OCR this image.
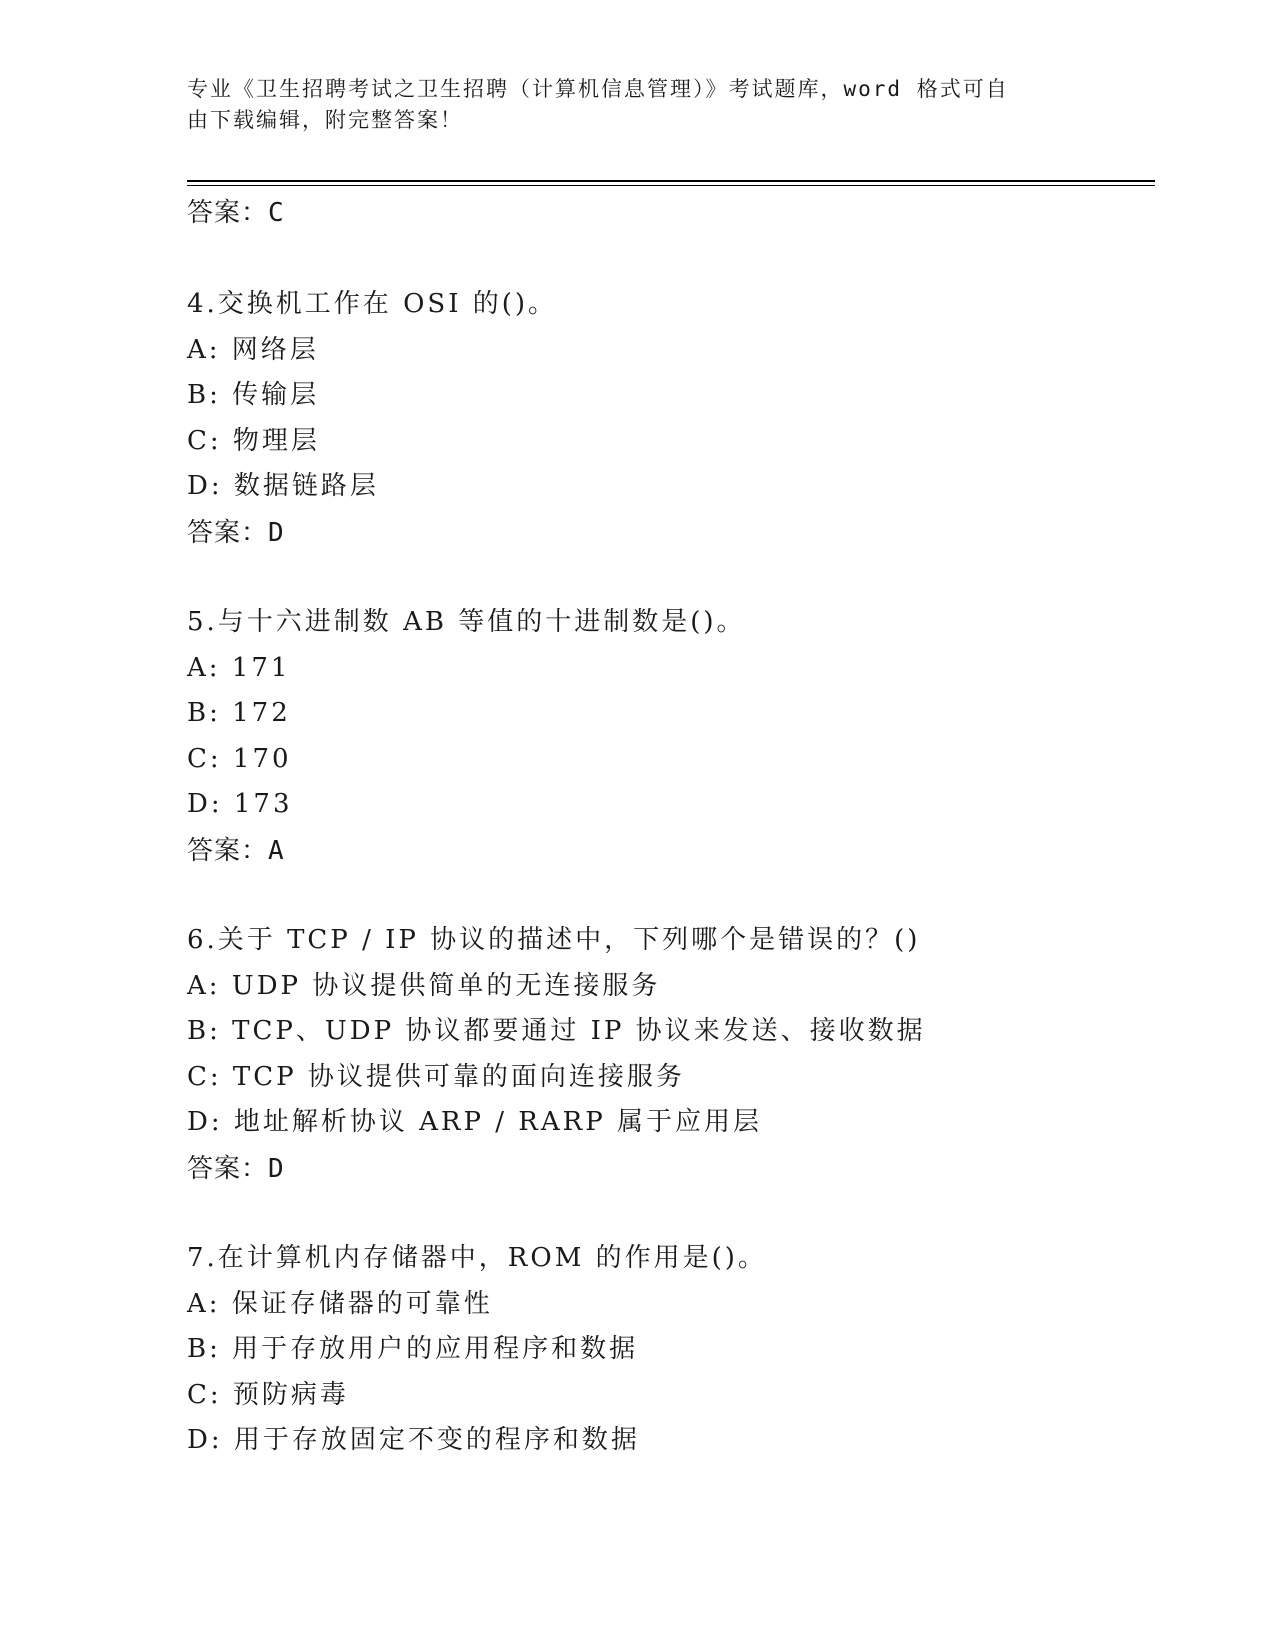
专业《卫生招聘考试之卫生招聘（计算机信息管理）》考试题库，word 格式可自
由下载编辑，附完整答案！
答案：C
4.交换机工作在 OSI 的()。
A: 网络层
B: 传输层
C: 物理层
D: 数据链路层
答案：D
5.与十六进制数 AB 等值的十进制数是()。
A: 171
B: 172
C: 170
D: 173
答案：A
6.关于 TCP / IP 协议的描述中，下列哪个是错误的？()
A: UDP 协议提供简单的无连接服务
B: TCP、UDP 协议都要通过 IP 协议来发送、接收数据
C: TCP 协议提供可靠的面向连接服务
D: 地址解析协议 ARP / RARP 属于应用层
答案：D
7.在计算机内存储器中，ROM 的作用是()。
A: 保证存储器的可靠性
B: 用于存放用户的应用程序和数据
C: 预防病毒
D: 用于存放固定不变的程序和数据
